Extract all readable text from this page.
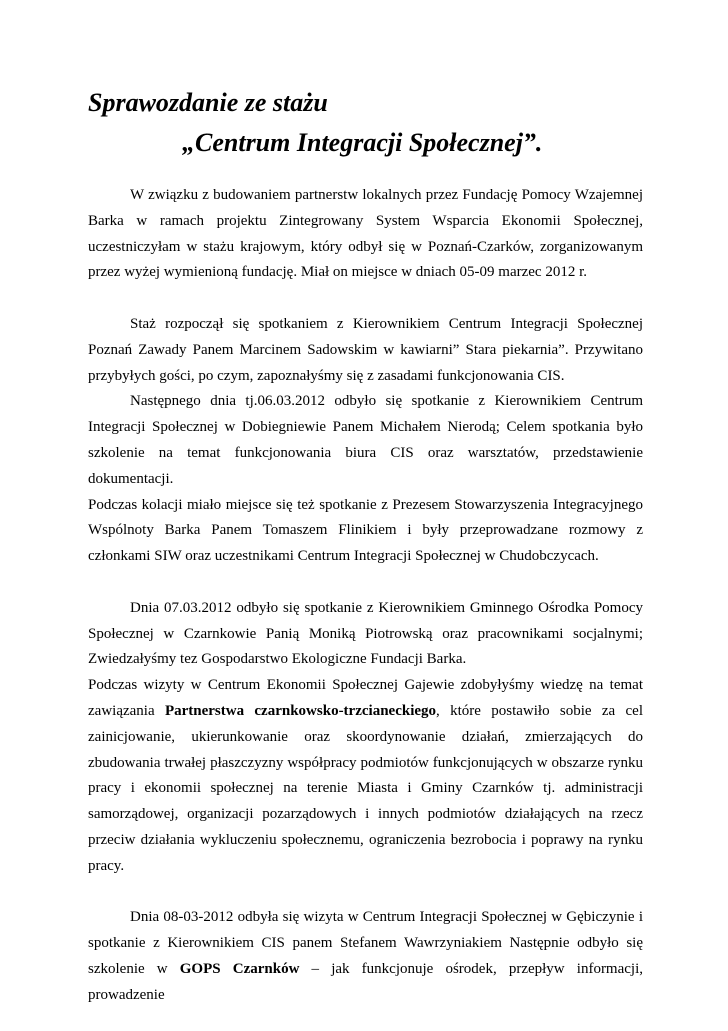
Sprawozdanie ze stażu
„Centrum Integracji Społecznej”.

W związku z budowaniem partnerstw lokalnych przez Fundację Pomocy Wzajemnej Barka w ramach projektu Zintegrowany System Wsparcia Ekonomii Społecznej, uczestniczyłam w stażu krajowym, który odbył się w Poznań-Czarków, zorganizowanym przez wyżej wymienioną fundację. Miał on miejsce w dniach 05-09 marzec 2012 r.

Staż rozpoczął się spotkaniem z Kierownikiem Centrum Integracji Społecznej Poznań Zawady Panem Marcinem Sadowskim w kawiarni” Stara piekarnia”. Przywitano przybyłych gości, po czym, zapoznałyśmy się z zasadami funkcjonowania CIS.

Następnego dnia tj.06.03.2012 odbyło się spotkanie z Kierownikiem Centrum Integracji Społecznej w Dobiegniewie Panem Michałem Nierodą; Celem spotkania było szkolenie na temat funkcjonowania biura CIS oraz warsztatów, przedstawienie dokumentacji.

Podczas kolacji miało miejsce się też spotkanie z Prezesem Stowarzyszenia Integracyjnego Wspólnoty Barka Panem Tomaszem Flinikiem i były przeprowadzane rozmowy z członkami SIW oraz uczestnikami Centrum Integracji Społecznej w Chudobczycach.

Dnia 07.03.2012 odbyło się spotkanie z Kierownikiem Gminnego Ośrodka Pomocy Społecznej w Czarnkowie Panią Moniką Piotrowską oraz pracownikami socjalnymi; Zwiedzałyśmy tez Gospodarstwo Ekologiczne Fundacji Barka.

Podczas wizyty w Centrum Ekonomii Społecznej Gajewie zdobyłyśmy wiedzę na temat zawiązania Partnerstwa czarnkowsko-trzcianeckiego, które postawiło sobie za cel zainicjowanie, ukierunkowanie oraz skoordynowanie działań, zmierzających do zbudowania trwałej płaszczyzny współpracy podmiotów funkcjonujących w obszarze rynku pracy i ekonomii społecznej na terenie Miasta i Gminy Czarnków tj. administracji samorządowej, organizacji pozarządowych i innych podmiotów działających na rzecz przeciw działania wykluczeniu społecznemu, ograniczenia bezrobocia i poprawy na rynku pracy.

Dnia 08-03-2012 odbyła się wizyta w Centrum Integracji Społecznej w Gębiczynie i spotkanie z Kierownikiem CIS panem Stefanem Wawrzyniakiem Następnie odbyło się szkolenie w GOPS Czarnków – jak funkcjonuje ośrodek, przepływ informacji, prowadzenie
